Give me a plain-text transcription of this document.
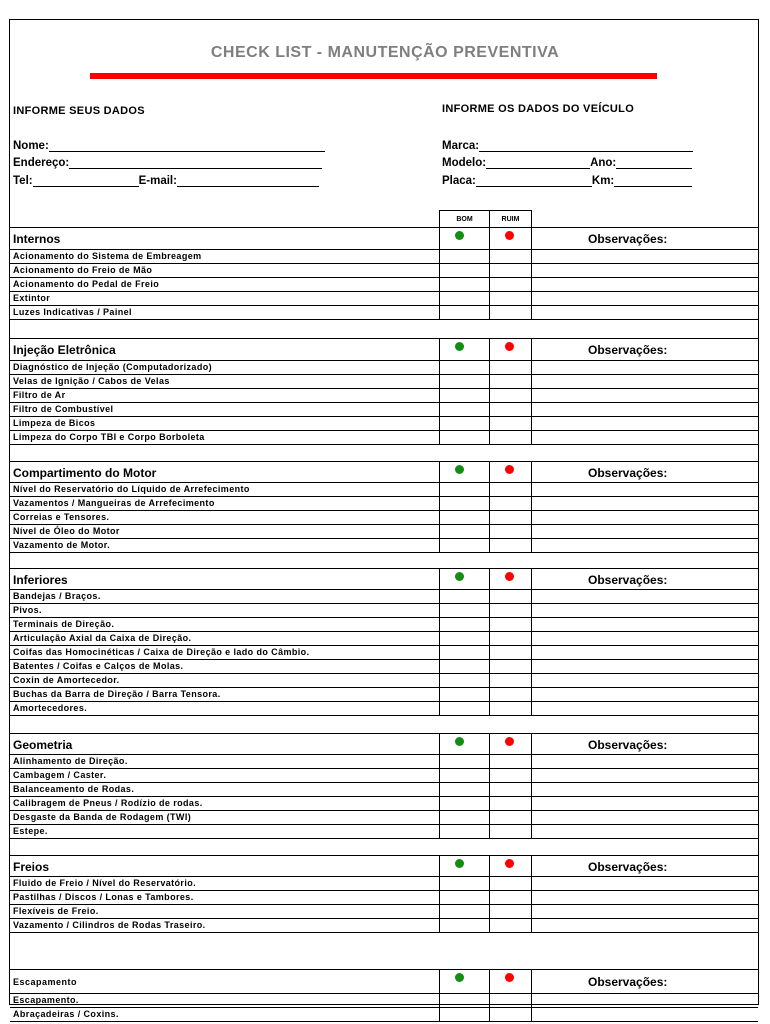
CHECK LIST - MANUTENÇÃO PREVENTIVA
INFORME SEUS DADOS	INFORME OS DADOS DO VEÍCULO
Nome:
Endereço:
Tel:	E-mail:
Marca:
Modelo:	Ano:
Placa:	Km:
BOM	RUIM
Internos	Observações:
Acionamento do Sistema de Embreagem
Acionamento do Freio de Mão
Acionamento do Pedal de Freio
Extintor
Luzes Indicativas / Painel
Injeção Eletrônica	Observações:
Diagnóstico de Injeção (Computadorizado)
Velas de Ignição / Cabos de Velas
Filtro de Ar
Filtro de Combustível
Limpeza de Bicos
Limpeza do Corpo TBI e Corpo Borboleta
Compartimento do Motor	Observações:
Nível do Reservatório do Líquido de Arrefecimento
Vazamentos / Mangueiras de Arrefecimento
Correias e Tensores.
Nível de Óleo do Motor
Vazamento de Motor.
Inferiores	Observações:
Bandejas / Braços.
Pivos.
Terminais de Direção.
Articulação Axial da Caixa de Direção.
Coifas das Homocinéticas / Caixa de Direção e lado do Câmbio.
Batentes / Coifas e Calços de Molas.
Coxin de Amortecedor.
Buchas da Barra de Direção / Barra Tensora.
Amortecedores.
Geometria	Observações:
Alinhamento de Direção.
Cambagem / Caster.
Balanceamento de Rodas.
Calibragem de Pneus / Rodízio de rodas.
Desgaste da Banda de Rodagem (TWI)
Estepe.
Freios	Observações:
Fluido de Freio / Nível do Reservatório.
Pastilhas / Discos / Lonas e Tambores.
Flexíveis de Freio.
Vazamento / Cilindros de Rodas Traseiro.
Escapamento	Observações:
Escapamento.
Abraçadeiras / Coxins.
